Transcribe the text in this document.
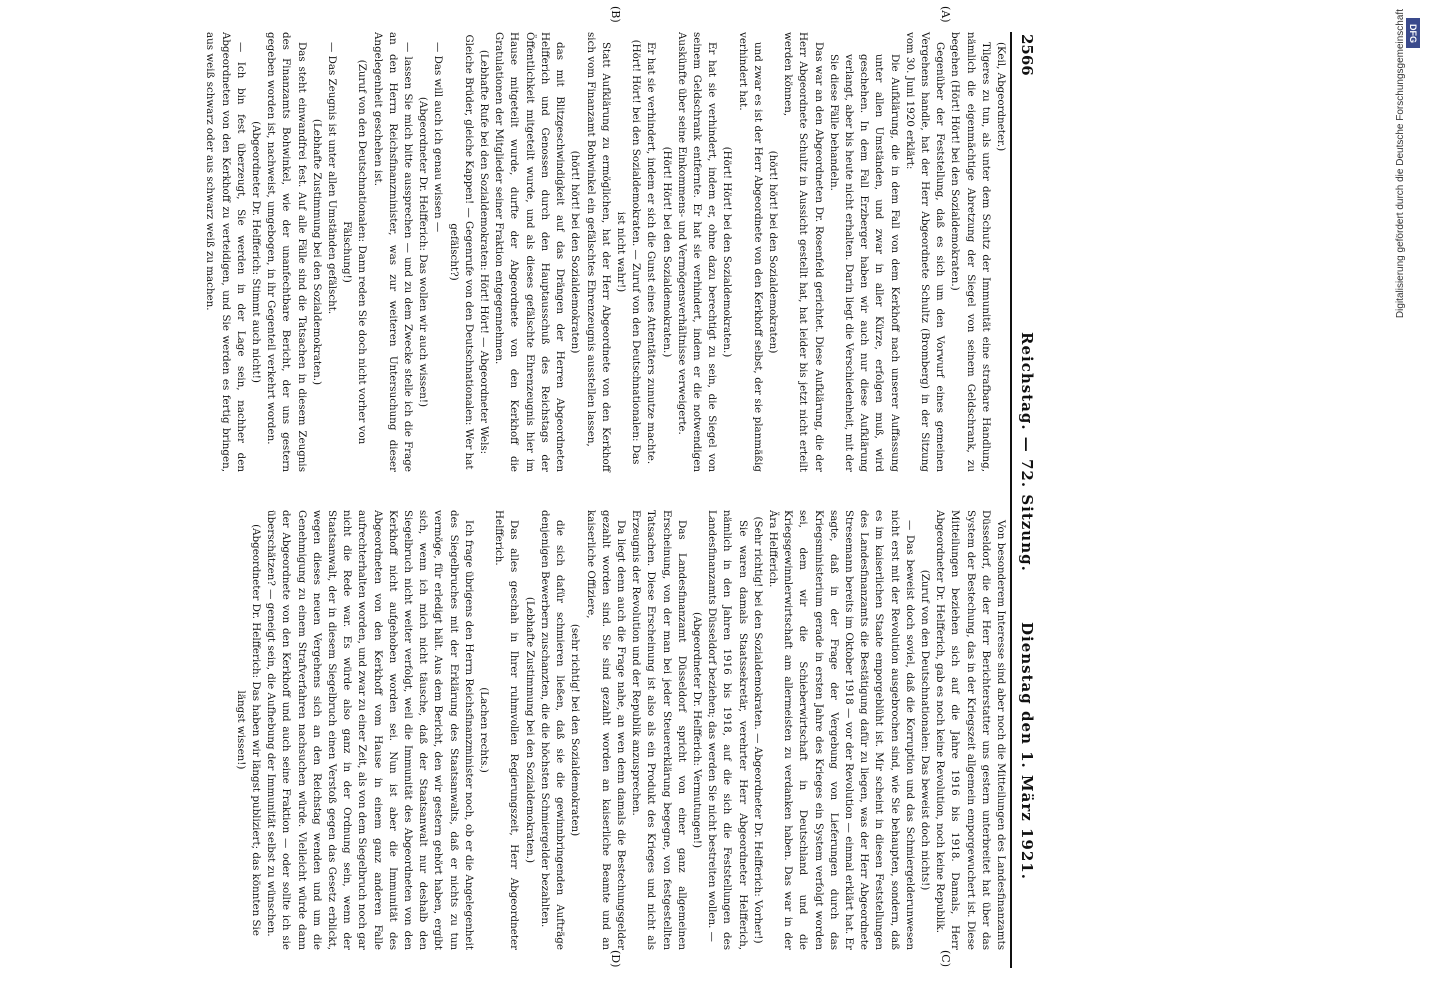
2566
Reichstag. — 72. Sitzung.
Dienstag den 1. März 1921.

(Keil, Abgeordneter.)

Tilgeres zu tun, als unter dem Schutz der Immunität eine strafbare Handlung, nämlich die eigenmächtige Abretzung der Siegel von seinem Geldschrank, zu begehen (Hört! Hört! bei den Sozialdemokraten.)

Gegenüber der Feststellung, daß es sich um den Vorwurf eines gemeinen Vergehens handle, hat der Herr Abgeordnete Schultz (Bromberg) in der Sitzung vom 30. Juni 1920 erklärt:

Die Aufklärung, die in dem Fall von dem Kerkhoff nach unserer Auffassung unter allen Umständen, und zwar in aller Kürze, erfolgen muß, wird geschehen. In dem Fall Erzberger haben wir auch nur diese Aufklärung verlangt, aber bis heute nicht erhalten. Darin liegt die Verschiedenheit, mit der Sie diese Fälle behandeln.

Das war an den Abgeordneten Dr. Rosenfeld gerichtet. Diese Aufklärung, die der Herr Abgeordnete Schultz in Aussicht gestellt hat, hat leider bis jetzt nicht erteilt werden können,

(hört! hört! bei den Sozialdemokraten)

und zwar es ist der Herr Abgeordnete von den Kerkhoff selbst, der sie planmäßig verhindert hat.

(Hört! Hört! bei den Sozialdemokraten.)

Er hat sie verhindert, indem er, ohne dazu berechtigt zu sein, die Siegel von seinem Geldschrank entfernte. Er hat sie verhindert, indem er die notwendigen Auskünfte über seine Einkommens- und Vermögensverhältnisse verweigerte.

(Hört! Hört! bei den Sozialdemokraten.)

Er hat sie verhindert, indem er sich die Gunst eines Attentäters zunutze machte.

(Hört! Hört! bei den Sozialdemokraten. — Zuruf von den Deutschnationalen: Das ist nicht wahr!)

Statt Aufklärung zu ermöglichen, hat der Herr Abgeordnete von den Kerkhoff sich vom Finanzamt Bohwinkel ein gefälschtes Ehrenzeugnis ausstellen lassen,

(hört! hört! bei den Sozialdemokraten)

das mit Blitzgeschwindigkeit auf das Drängen der Herren Abgeordneten Helfferich und Genossen durch den Hauptausschuß des Reichstags der Öffentlichkeit mitgeteilt wurde, und als dieses gefälschte Ehrenzeugnis hier im Hause mitgeteilt wurde, durfte der Abgeordnete von den Kerkhoff die Gratulationen der Mitglieder seiner Fraktion entgegennehmen.

(Lebhafte Rufe bei den Sozialdemokraten: Hört! Hört! — Abgeordneter Wels: Gleiche Brüder, gleiche Kappen! — Gegenrufe von den Deutschnationalen: Wer hat gefälscht?)

— Das will auch ich genau wissen —

(Abgeordneter Dr. Helfferich: Das wollen wir auch wissen!)

— lassen Sie mich bitte aussprechen — und zu dem Zwecke stelle ich die Frage an den Herrn Reichsfinanzminister, was zur weiteren Untersuchung dieser Angelegenheit geschehen ist.

(Zuruf von den Deutschnationalen: Dann reden Sie doch nicht vorher von Fälschung!)

— Das Zeugnis ist unter allen Umständen gefälscht.

(Lebhafte Zustimmung bei den Sozialdemokraten.)

Das steht einwandfrei fest. Auf alle Fälle sind die Tatsachen in diesem Zeugnis des Finanzamts Bohwinkel, wie der unanfechtbare Bericht, der uns gestern gegeben worden ist, nachweist, umgebogen, in ihr Gegenteil verkehrt worden.

(Abgeordneter Dr. Helfferich: Stimmt auch nicht!)

— Ich bin fest überzeugt, Sie werden in der Lage sein, nachher den Abgeordneten von den Kerkhoff zu verteidigen, und Sie werden es fertig bringen, aus weiß schwarz oder aus schwarz weiß zu machen.

Von besonderem Interesse sind aber noch die Mitteilungen des Landesfinanzamts Düsseldorf, die der Herr Berichterstatter uns gestern unterbreitet hat über das System der Bestechung, das in der Kriegszeit allgemein emporgewuchert ist. Diese Mitteilungen beziehen sich auf die Jahre 1916 bis 1918. Damals, Herr Abgeordneter Dr. Helfferich, gab es noch keine Revolution, noch keine Republik.

(Zuruf von den Deutschnationalen: Das beweist doch nichts!)

— Das beweist doch soviel, daß die Korruption und das Schmiergelderunwesen nicht erst mit der Revolution ausgebrochen sind, wie Sie behaupten, sondern, daß es im kaiserlichen Staate emporgeblüht ist. Mir scheint in diesen Feststellungen des Landesfinanzamts die Bestätigung dafür zu liegen, was der Herr Abgeordnete Stresemann bereits im Oktober 1918 — vor der Revolution — einmal erklärt hat. Er sagte, daß in der Frage der Vergebung von Lieferungen durch das Kriegsministerium gerade in ersten Jahre des Krieges ein System verfolgt worden sei, dem wir die Schieberwirtschaft in Deutschland und die Kriegsgewinnlerwirtschaft am allermeisten zu verdanken haben. Das war in der Ära Helfferich.

(Sehr richtig! bei den Sozialdemokraten. — Abgeordneter Dr. Helfferich: Vorher!)

Sie waren damals Staatssekretär, verehrter Herr Abgeordneter Helfferich, nämlich in den Jahren 1916 bis 1918, auf die sich die Feststellungen des Landesfinanzamts Düsseldorf beziehen; das werden Sie nicht bestreiten wollen. —

(Abgeordneter Dr. Helfferich: Vermutungen!)

Das Landesfinanzamt Düsseldorf spricht von einer ganz allgemeinen Erscheinung, von der man bei jeder Steuererklärung begegne, von festgestellten Tatsachen. Diese Erscheinung ist also als ein Produkt des Krieges und nicht als Erzeugnis der Revolution und der Republik anzusprechen.

Da liegt denn auch die Frage nahe, an wen denn damals die Bestechungsgelder gezahlt worden sind. Sie sind gezahlt worden an kaiserliche Beamte und an kaiserliche Offiziere,

(sehr richtig! bei den Sozialdemokraten)

die sich dafür schmieren ließen, daß sie die gewinnbringenden Aufträge denjenigen Bewerbern zuschanzten, die die höchsten Schmiergelder bezahlten.

(Lebhafte Zustimmung bei den Sozialdemokraten.)

Das alles geschah in Ihrer ruhmvollen Regierungszeit, Herr Abgeordneter Helfferich.

(Lachen rechts.)

Ich frage übrigens den Herrn Reichsfinanzminister noch, ob er die Angelegenheit des Siegelbruches mit der Erklärung des Staatsanwalts, daß er nichts zu tun vermöge, für erledigt hält. Aus dem Bericht, den wir gestern gehört haben, ergibt sich, wenn ich mich nicht täusche, daß der Staatsanwalt nur deshalb den Siegelbruch nicht weiter verfolgt, weil die Immunität des Abgeordneten von den Kerkhoff nicht aufgehoben worden sei. Nun ist aber die Immunität des Abgeordneten von den Kerkhoff vom Hause in einem ganz anderen Falle aufrechterhalten worden, und zwar zu einer Zeit, als von dem Siegelbruch noch gar nicht die Rede war. Es würde also ganz in der Ordnung sein, wenn der Staatsanwalt, der in diesem Siegelbruch einen Verstoß gegen das Gesetz erblickt, wegen dieses neuen Vergehens sich an den Reichstag wenden und um die Genehmigung zu einem Strafverfahren nachsuchen würde. Vielleicht würde dann der Abgeordnete von den Kerkhoff und auch seine Fraktion — oder sollte ich sie überschätzen? — geneigt sein, die Aufhebung der Immunität selbst zu wünschen.

(Abgeordneter Dr. Helfferich: Das haben wir längst publiziert; das könnten Sie längst wissen!)

(A)
(B)
(C)
(D)
DFG
Digitalisierung gefördert durch die Deutsche Forschungsgemeinschaft
